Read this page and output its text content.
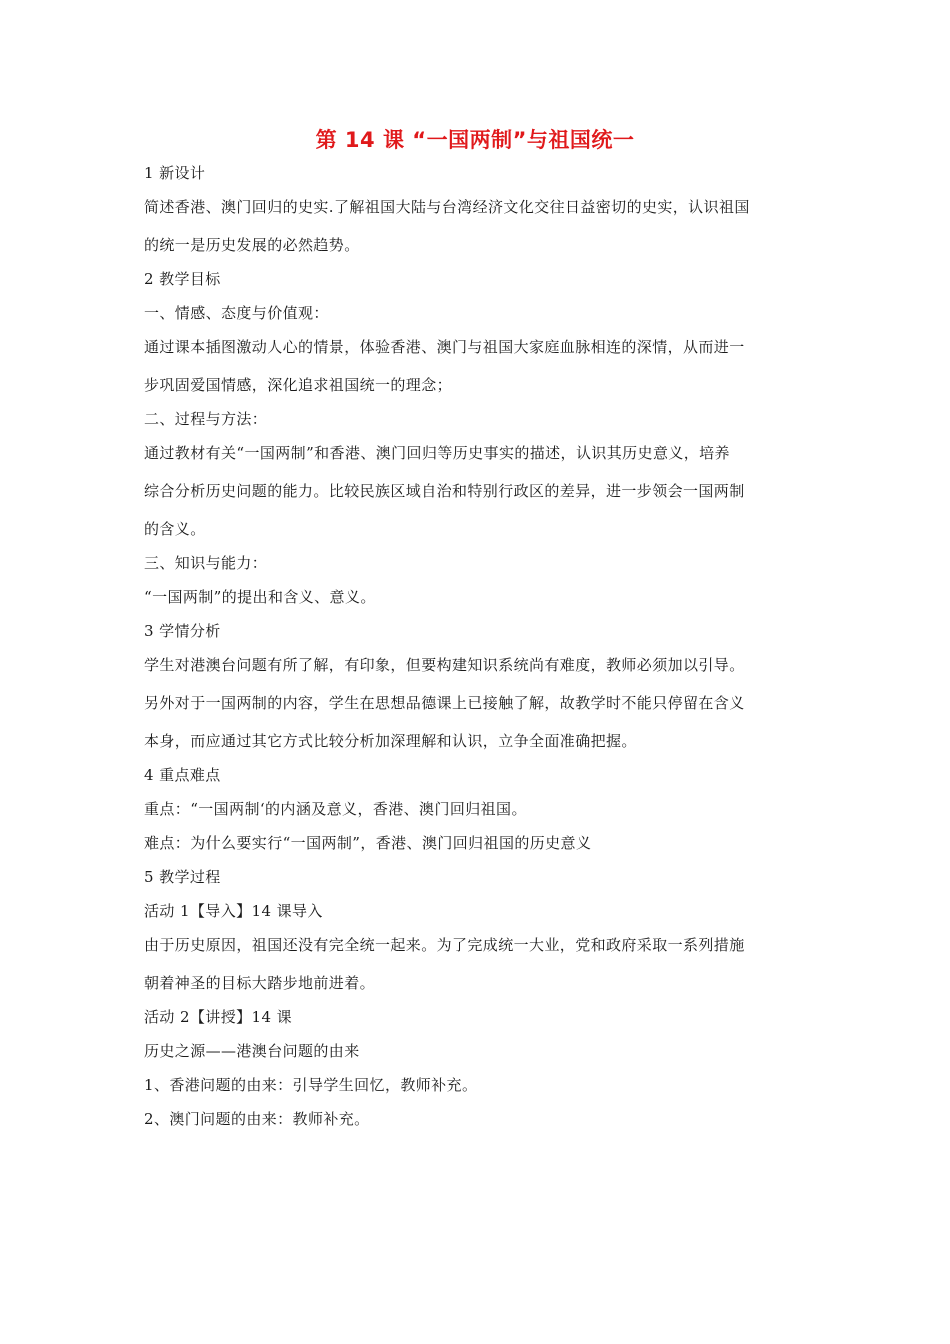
第 14 课 “一国两制”与祖国统一
1 新设计
简述香港、澳门回归的史实.了解祖国大陆与台湾经济文化交往日益密切的史实，认识祖国
的统一是历史发展的必然趋势。
2 教学目标
一、情感、态度与价值观：
通过课本插图激动人心的情景，体验香港、澳门与祖国大家庭血脉相连的深情，从而进一
步巩固爱国情感，深化追求祖国统一的理念；
二、过程与方法：
通过教材有关“一国两制”和香港、澳门回归等历史事实的描述，认识其历史意义，培养
综合分析历史问题的能力。比较民族区域自治和特别行政区的差异，进一步领会一国两制
的含义。
三、知识与能力：
“一国两制”的提出和含义、意义。
3 学情分析
学生对港澳台问题有所了解，有印象，但要构建知识系统尚有难度，教师必须加以引导。
另外对于一国两制的内容，学生在思想品德课上已接触了解，故教学时不能只停留在含义
本身，而应通过其它方式比较分析加深理解和认识，立争全面准确把握。
4 重点难点
重点：“一国两制‘的内涵及意义，香港、澳门回归祖国。
难点：为什么要实行“一国两制”，香港、澳门回归祖国的历史意义
5 教学过程
活动 1【导入】14 课导入
由于历史原因，祖国还没有完全统一起来。为了完成统一大业，党和政府采取一系列措施
朝着神圣的目标大踏步地前进着。
活动 2【讲授】14 课
历史之源——港澳台问题的由来
1、香港问题的由来：引导学生回忆，教师补充。
2、澳门问题的由来：教师补充。
